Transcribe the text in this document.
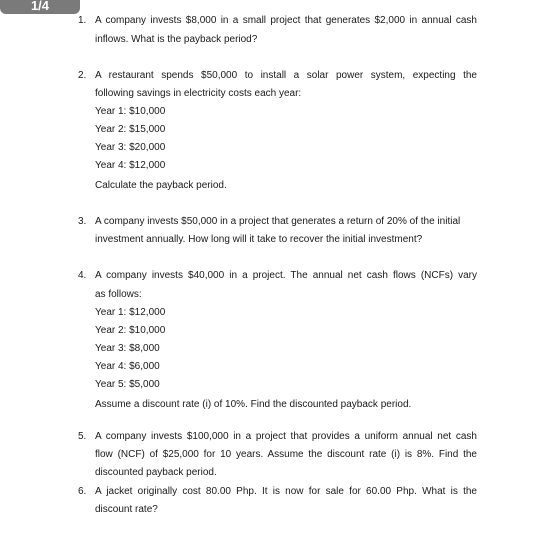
1/4
1. A company invests $8,000 in a small project that generates $2,000 in annual cash
inflows. What is the payback period?
2. A restaurant spends $50,000 to install a solar power system, expecting the
following savings in electricity costs each year:
Year 1: $10,000
Year 2: $15,000
Year 3: $20,000
Year 4: $12,000
Calculate the payback period.
3. A company invests $50,000 in a project that generates a return of 20% of the initial
investment annually. How long will it take to recover the initial investment?
4. A company invests $40,000 in a project. The annual net cash flows (NCFs) vary
as follows:
Year 1: $12,000
Year 2: $10,000
Year 3: $8,000
Year 4: $6,000
Year 5: $5,000
Assume a discount rate (i) of 10%. Find the discounted payback period.
5. A company invests $100,000 in a project that provides a uniform annual net cash
flow (NCF) of $25,000 for 10 years. Assume the discount rate (i) is 8%. Find the
discounted payback period.
6. A jacket originally cost 80.00 Php. It is now for sale for 60.00 Php. What is the
discount rate?
